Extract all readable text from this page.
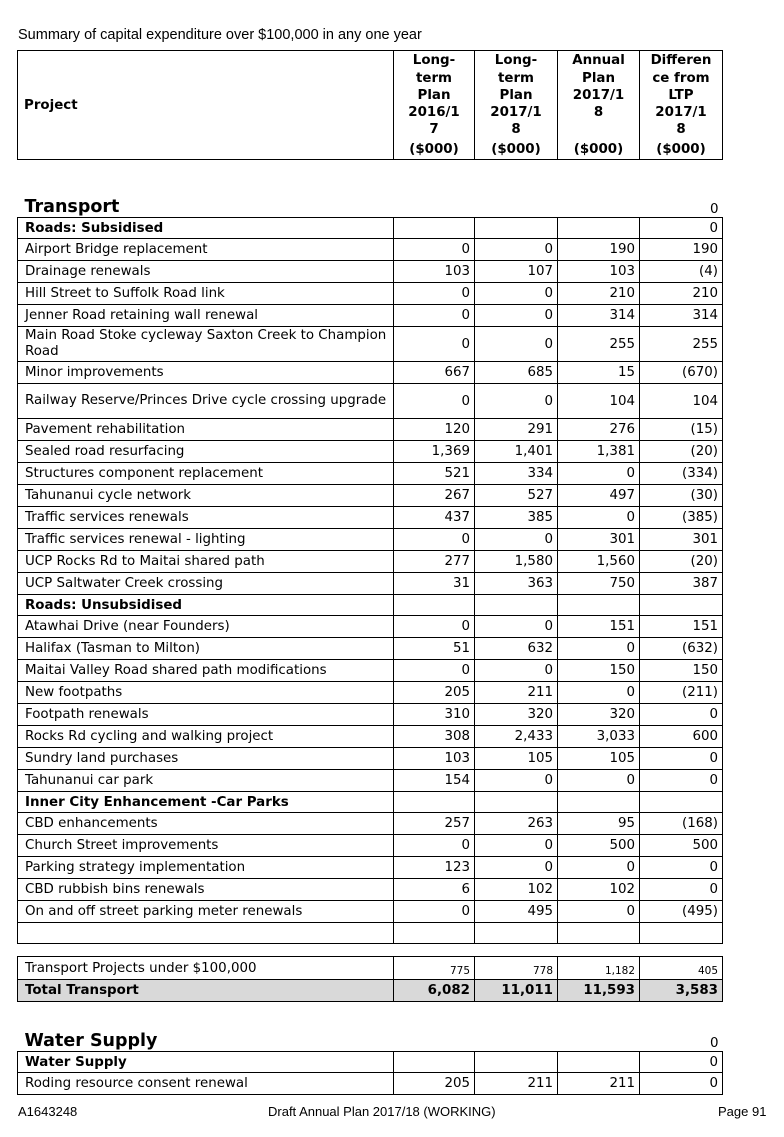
Summary of capital expenditure over $100,000 in any one year
Project	Long-
term
Plan
2016/1
7
($000)
	Long-
term
Plan
2017/1
8
($000)
	Annual
Plan
2017/1
8

($000)
	Differen
ce from
LTP
2017/1
8
($000)
Transport				0
Roads: Subsidised				0
Airport Bridge replacement	0	0	190	190
Drainage renewals	103	107	103	(4)
Hill Street to Suffolk Road link	0	0	210	210
Jenner Road retaining wall renewal	0	0	314	314
Main Road Stoke cycleway Saxton Creek to Champion Road	0	0	255	255
Minor improvements	667	685	15	(670)
Railway Reserve/Princes Drive cycle crossing upgrade	0	0	104	104
Pavement rehabilitation	120	291	276	(15)
Sealed road resurfacing	1,369	1,401	1,381	(20)
Structures component replacement	521	334	0	(334)
Tahunanui cycle network	267	527	497	(30)
Traffic services renewals	437	385	0	(385)
Traffic services renewal - lighting	0	0	301	301
UCP Rocks Rd to Maitai shared path	277	1,580	1,560	(20)
UCP Saltwater Creek crossing	31	363	750	387
Roads: Unsubsidised				
Atawhai Drive (near Founders)	0	0	151	151
Halifax (Tasman to Milton)	51	632	0	(632)
Maitai Valley Road shared path modifications	0	0	150	150
New footpaths	205	211	0	(211)
Footpath renewals	310	320	320	0
Rocks Rd cycling and walking project	308	2,433	3,033	600
Sundry land purchases	103	105	105	0
Tahunanui car park	154	0	0	0
Inner City Enhancement -Car Parks				
CBD enhancements	257	263	95	(168)
Church Street improvements	0	0	500	500
Parking strategy implementation	123	0	0	0
CBD rubbish bins renewals	6	102	102	0
On and off street parking meter renewals	0	495	0	(495)

Transport Projects under $100,000	775	778	1,182	405
Total Transport	6,082	11,011	11,593	3,583
Water Supply				0
Water Supply				0
Roding resource consent renewal	205	211	211	0
A1643248	Draft Annual Plan 2017/18 (WORKING)	Page 91
